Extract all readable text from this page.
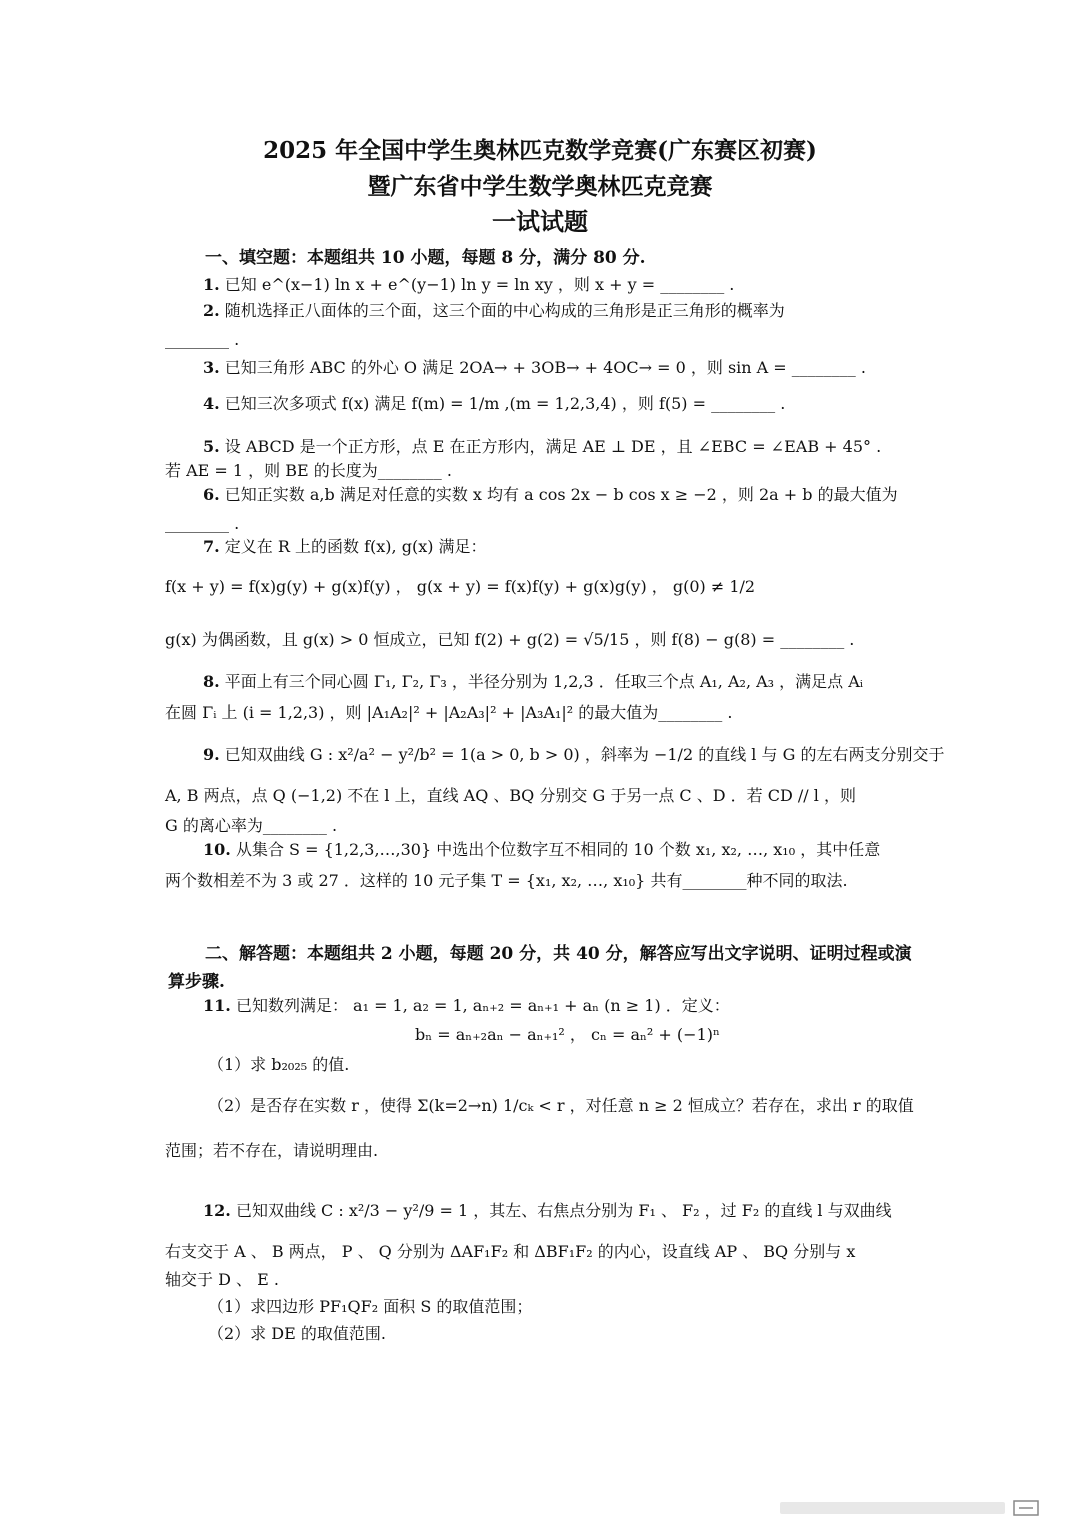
2025 年全国中学生奥林匹克数学竞赛(广东赛区初赛)
暨广东省中学生数学奥林匹克竞赛
一试试题
一、填空题：本题组共 10 小题，每题 8 分，满分 80 分.
1. 已知 e^(x−1) ln x + e^(y−1) ln y = ln xy ，则 x + y = ________ .
2. 随机选择正八面体的三个面，这三个面的中心构成的三角形是正三角形的概率为
________ .
3. 已知三角形 ABC 的外心 O 满足 2OA→ + 3OB→ + 4OC→ = 0 ，则 sin A = ________ .
4. 已知三次多项式 f(x) 满足 f(m) = 1/m ,(m = 1,2,3,4) ，则 f(5) = ________ .
5. 设 ABCD 是一个正方形，点 E 在正方形内，满足 AE ⊥ DE ，且 ∠EBC = ∠EAB + 45° .
若 AE = 1 ，则 BE 的长度为________ .
6. 已知正实数 a,b 满足对任意的实数 x 均有 a cos 2x − b cos x ≥ −2 ，则 2a + b 的最大值为
________ .
7. 定义在 R 上的函数 f(x), g(x) 满足：
f(x + y) = f(x)g(y) + g(x)f(y) ， g(x + y) = f(x)f(y) + g(x)g(y) ， g(0) ≠ 1/2
g(x) 为偶函数，且 g(x) > 0 恒成立，已知 f(2) + g(2) = √5/15 ，则 f(8) − g(8) = ________ .
8. 平面上有三个同心圆 Γ₁, Γ₂, Γ₃ ，半径分别为 1,2,3 ．任取三个点 A₁, A₂, A₃ ，满足点 Aᵢ
在圆 Γᵢ 上 (i = 1,2,3) ，则 |A₁A₂|² + |A₂A₃|² + |A₃A₁|² 的最大值为________ .
9. 已知双曲线 G : x²/a² − y²/b² = 1(a > 0, b > 0) ，斜率为 −1/2 的直线 l 与 G 的左右两支分别交于
A, B 两点，点 Q (−1,2) 不在 l 上，直线 AQ 、BQ 分别交 G 于另一点 C 、D ．若 CD // l ，则
G 的离心率为________ .
10. 从集合 S = {1,2,3,…,30} 中选出个位数字互不相同的 10 个数 x₁, x₂, …, x₁₀ ，其中任意
两个数相差不为 3 或 27 ．这样的 10 元子集 T = {x₁, x₂, …, x₁₀} 共有________种不同的取法.
二、解答题：本题组共 2 小题，每题 20 分，共 40 分，解答应写出文字说明、证明过程或演算步骤.
11. 已知数列满足： a₁ = 1, a₂ = 1, aₙ₊₂ = aₙ₊₁ + aₙ (n ≥ 1) ．定义：
bₙ = aₙ₊₂aₙ − aₙ₊₁² ， cₙ = aₙ² + (−1)ⁿ
（1）求 b₂₀₂₅ 的值.
（2）是否存在实数 r ，使得 Σ(k=2→n) 1/cₖ < r ，对任意 n ≥ 2 恒成立？若存在，求出 r 的取值
范围；若不存在，请说明理由.
12. 已知双曲线 C : x²/3 − y²/9 = 1 ，其左、右焦点分别为 F₁ 、 F₂ ，过 F₂ 的直线 l 与双曲线
右支交于 A 、 B 两点， P 、 Q 分别为 ΔAF₁F₂ 和 ΔBF₁F₂ 的内心，设直线 AP 、 BQ 分别与 x
轴交于 D 、 E .
（1）求四边形 PF₁QF₂ 面积 S 的取值范围；
（2）求 DE 的取值范围.
